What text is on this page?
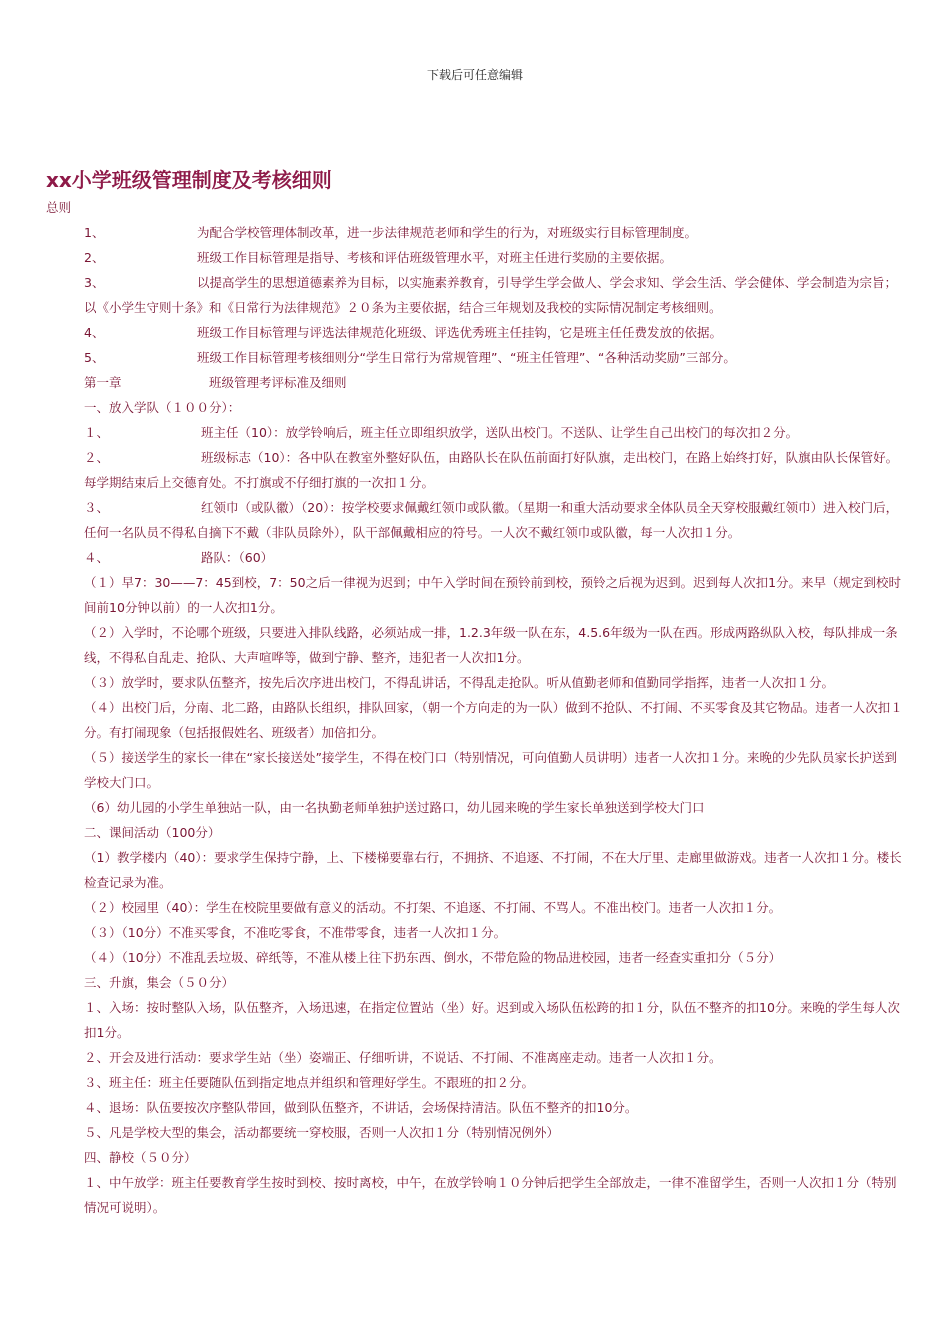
下载后可任意编辑
xx小学班级管理制度及考核细则

总则

1、	为配合学校管理体制改革，进一步法律规范老师和学生的行为，对班级实行目标管理制度。

2、	班级工作目标管理是指导、考核和评估班级管理水平，对班主任进行奖励的主要依据。

3、	以提高学生的思想道德素养为目标，以实施素养教育，引导学生学会做人、学会求知、学会生活、学会健体、学会制造为宗旨；以《小学生守则十条》和《日常行为法律规范》２０条为主要依据，结合三年规划及我校的实际情况制定考核细则。

4、	班级工作目标管理与评选法律规范化班级、评选优秀班主任挂钩，它是班主任任费发放的依据。

5、	班级工作目标管理考核细则分“学生日常行为常规管理”、“班主任管理”、“各种活动奖励”三部分。

第一章	班级管理考评标准及细则

一、放入学队（１００分）：

１、	班主任（10）：放学铃响后，班主任立即组织放学，送队出校门。不送队、让学生自己出校门的每次扣２分。

２、	班级标志（10）：各中队在教室外整好队伍，由路队长在队伍前面打好队旗，走出校门，在路上始终打好，队旗由队长保管好。每学期结束后上交德育处。不打旗或不仔细打旗的一次扣１分。

３、	红领巾（或队徽）（20）：按学校要求佩戴红领巾或队徽。（星期一和重大活动要求全体队员全天穿校服戴红领巾）进入校门后，任何一名队员不得私自摘下不戴（非队员除外），队干部佩戴相应的符号。一人次不戴红领巾或队徽，每一人次扣１分。

４、	路队：（60）

（１）早7：30——7：45到校，7：50之后一律视为迟到；中午入学时间在预铃前到校，预铃之后视为迟到。迟到每人次扣1分。来早（规定到校时间前10分钟以前）的一人次扣1分。

（２）入学时，不论哪个班级，只要进入排队线路，必须站成一排，1.2.3年级一队在东，4.5.6年级为一队在西。形成两路纵队入校，每队排成一条线，不得私自乱走、抢队、大声喧哗等，做到宁静、整齐，违犯者一人次扣1分。

（３）放学时，要求队伍整齐，按先后次序进出校门，不得乱讲话，不得乱走抢队。听从值勤老师和值勤同学指挥，违者一人次扣１分。

（４）出校门后，分南、北二路，由路队长组织，排队回家，（朝一个方向走的为一队）做到不抢队、不打闹、不买零食及其它物品。违者一人次扣１分。有打闹现象（包括报假姓名、班级者）加倍扣分。

（５）接送学生的家长一律在“家长接送处”接学生，不得在校门口（特别情况，可向值勤人员讲明）违者一人次扣１分。来晚的少先队员家长护送到学校大门口。

（6）幼儿园的小学生单独站一队，由一名执勤老师单独护送过路口，幼儿园来晚的学生家长单独送到学校大门口

二、课间活动（100分）

（1）教学楼内（40）：要求学生保持宁静，上、下楼梯要靠右行，不拥挤、不追逐、不打闹，不在大厅里、走廊里做游戏。违者一人次扣１分。楼长检查记录为准。

（２）校园里（40）：学生在校院里要做有意义的活动。不打架、不追逐、不打闹、不骂人。不准出校门。违者一人次扣１分。

（３）（10分）不准买零食，不准吃零食，不准带零食，违者一人次扣１分。

（４）（10分）不准乱丢垃圾、碎纸等，不准从楼上往下扔东西、倒水，不带危险的物品进校园，违者一经查实重扣分（５分）

三、升旗，集会（５０分）

１、入场：按时整队入场，队伍整齐，入场迅速，在指定位置站（坐）好。迟到或入场队伍松跨的扣１分，队伍不整齐的扣10分。来晚的学生每人次扣1分。

２、开会及进行活动：要求学生站（坐）姿端正、仔细听讲，不说话、不打闹、不准离座走动。违者一人次扣１分。

３、班主任：班主任要随队伍到指定地点并组织和管理好学生。不跟班的扣２分。

４、退场：队伍要按次序整队带回，做到队伍整齐，不讲话，会场保持清洁。队伍不整齐的扣10分。

５、凡是学校大型的集会，活动都要统一穿校服，否则一人次扣１分（特别情况例外）

四、静校（５０分）

１、中午放学：班主任要教育学生按时到校、按时离校，中午，在放学铃响１０分钟后把学生全部放走，一律不准留学生，否则一人次扣１分（特别情况可说明）。
